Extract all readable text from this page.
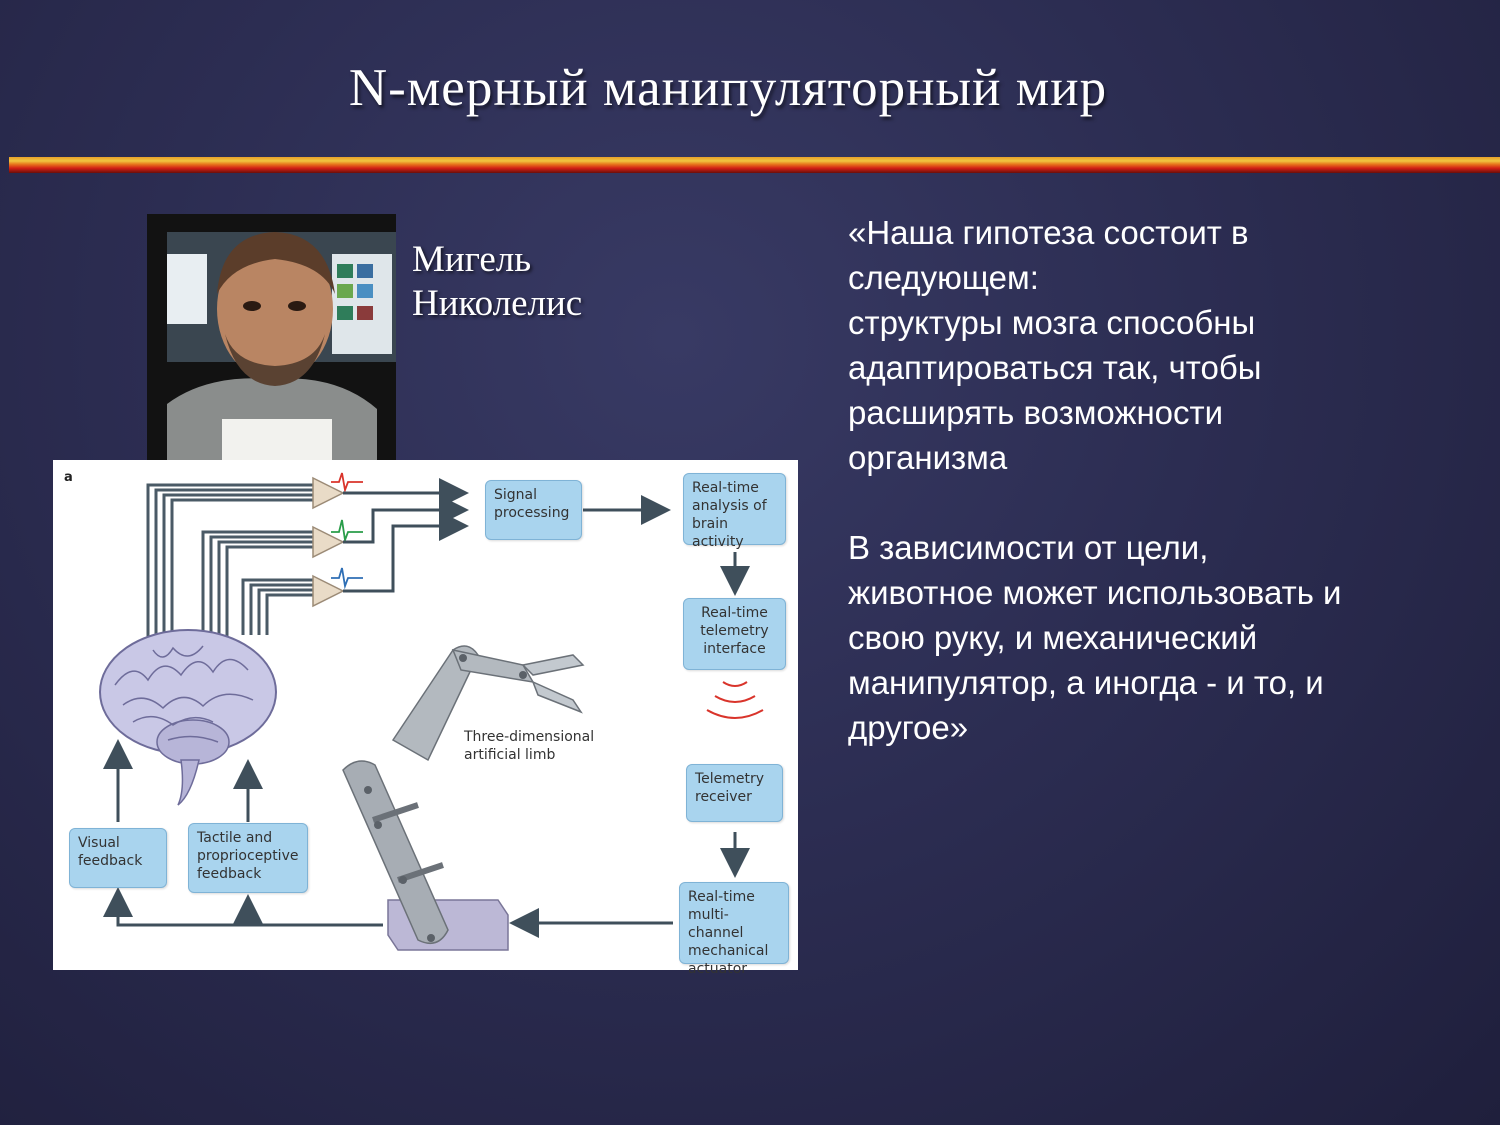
N-мерный манипуляторный мир
Мигель
Николелис
«Наша гипотеза состоит в
следующем:
структуры мозга способны
адаптироваться так, чтобы
расширять возможности
организма
В зависимости от цели,
животное может использовать и
свою руку, и механический
манипулятор, а иногда - и то, и
другое»
a
Signal
processing
Real-time
analysis of
brain activity
Real-time
telemetry
interface
Telemetry
receiver
Real-time
multi-channel
mechanical
actuator
Visual
feedback
Tactile and
proprioceptive
feedback
Three-dimensional
artificial limb
